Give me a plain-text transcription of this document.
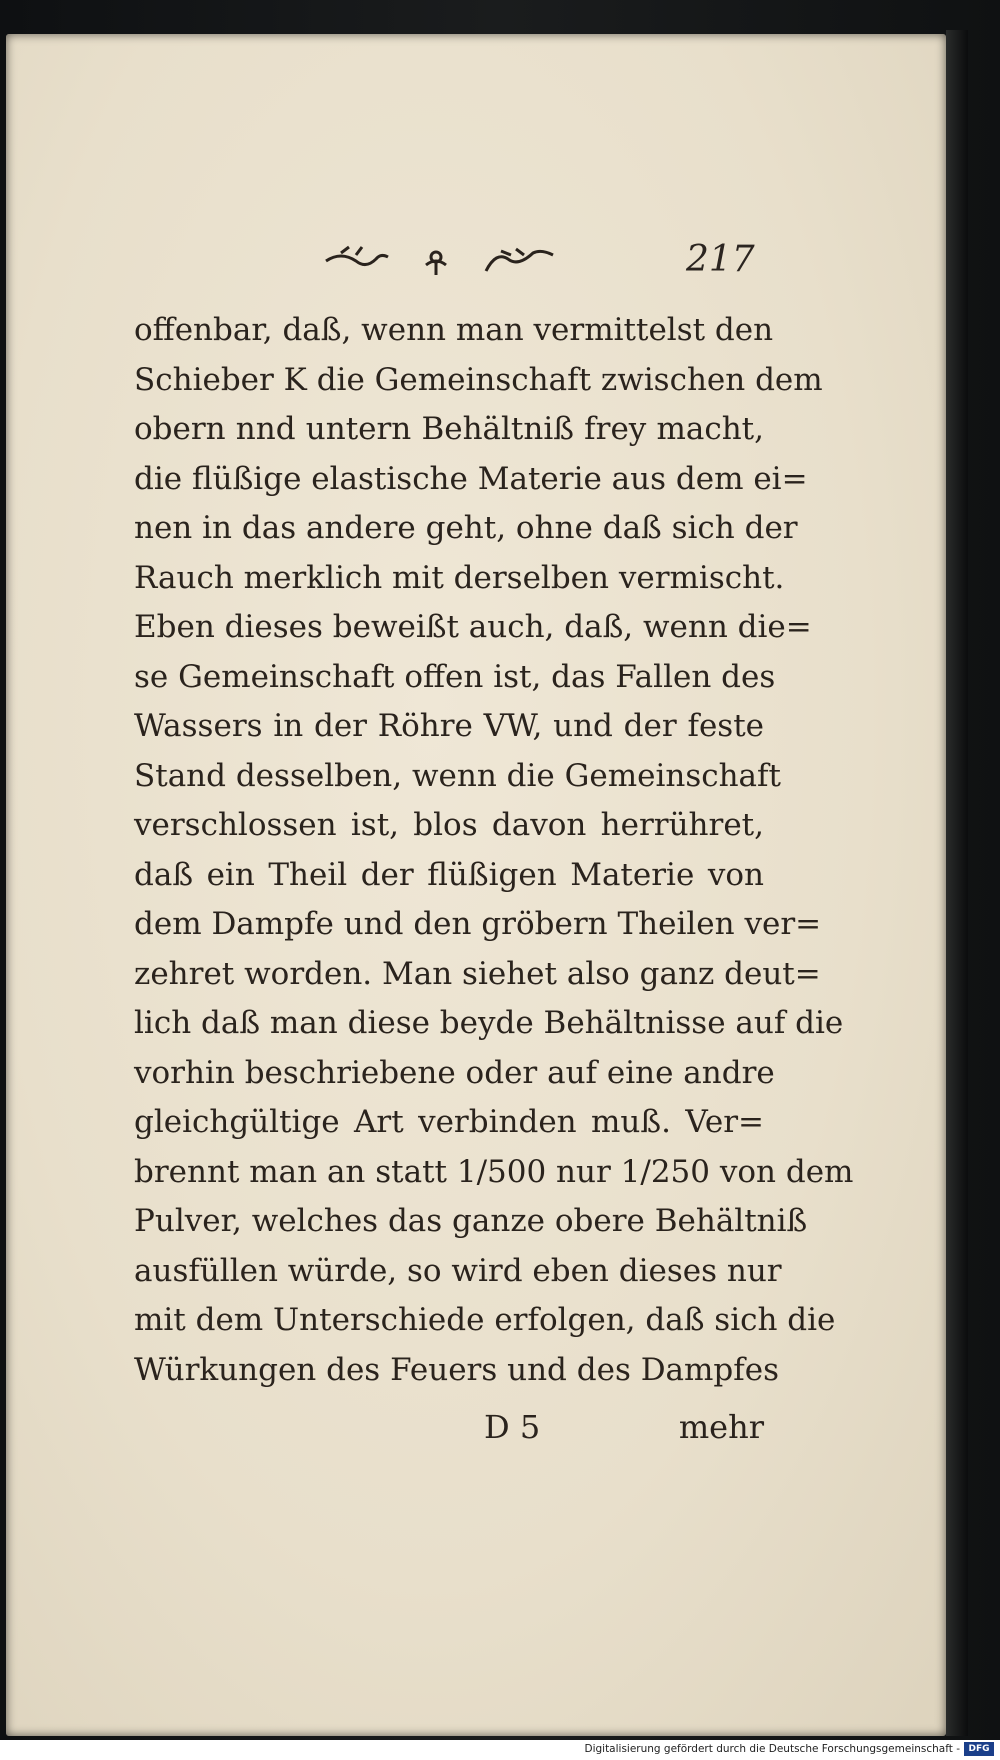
217
offenbar, daß, wenn man vermittelst den
Schieber K die Gemeinschaft zwischen dem
obern nnd untern Behältniß frey macht,
die flüßige elastische Materie aus dem ei=
nen in das andere geht, ohne daß sich der
Rauch merklich mit derselben vermischt.
Eben dieses beweißt auch, daß, wenn die=
se Gemeinschaft offen ist, das Fallen des
Wassers in der Röhre VW, und der feste
Stand desselben, wenn die Gemeinschaft
verschlossen ist, blos davon herrühret,
daß ein Theil der flüßigen Materie von
dem Dampfe und den gröbern Theilen ver=
zehret worden. Man siehet also ganz deut=
lich daß man diese beyde Behältnisse auf die
vorhin beschriebene oder auf eine andre
gleichgültige Art verbinden muß. Ver=
brennt man an statt 1/500 nur 1/250 von dem
Pulver, welches das ganze obere Behältniß
ausfüllen würde, so wird eben dieses nur
mit dem Unterschiede erfolgen, daß sich die
Würkungen des Feuers und des Dampfes
D 5	mehr
Digitalisierung gefördert durch die Deutsche Forschungsgemeinschaft - DFG
